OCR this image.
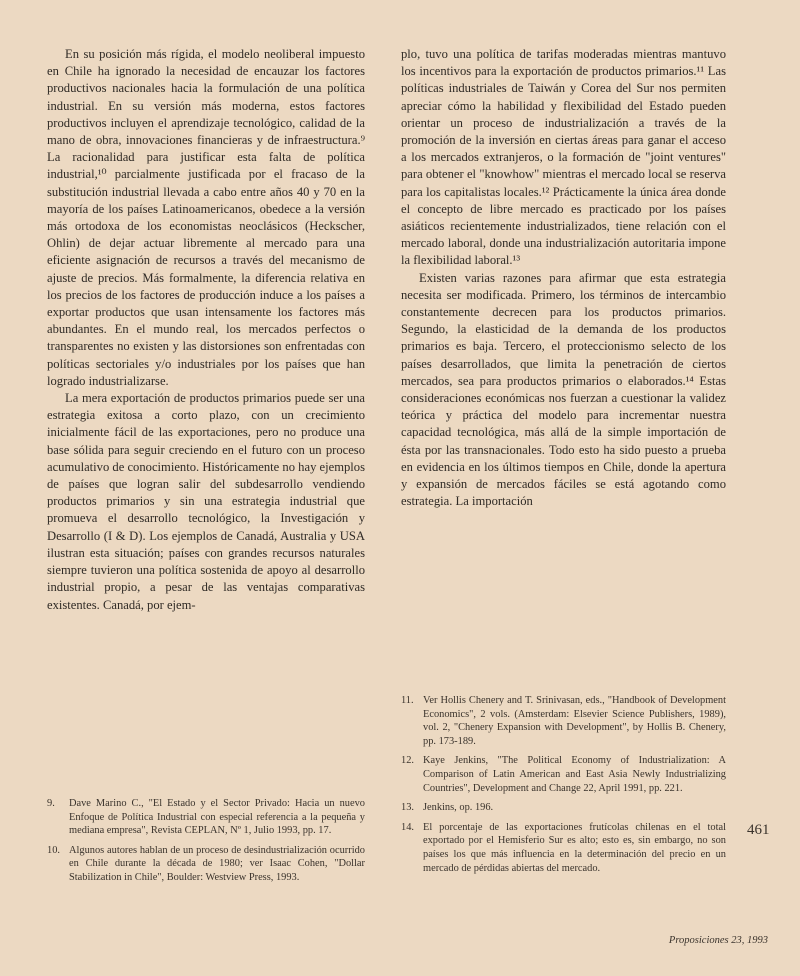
En su posición más rígida, el modelo neoliberal impuesto en Chile ha ignorado la necesidad de encauzar los factores productivos nacionales hacia la formulación de una política industrial. En su versión más moderna, estos factores productivos incluyen el aprendizaje tecnológico, calidad de la mano de obra, innovaciones financieras y de infraestructura.⁹ La racionalidad para justificar esta falta de política industrial,¹⁰ parcialmente justificada por el fracaso de la substitución industrial llevada a cabo entre años 40 y 70 en la mayoría de los países Latinoamericanos, obedece a la versión más ortodoxa de los economistas neoclásicos (Heckscher, Ohlin) de dejar actuar libremente al mercado para una eficiente asignación de recursos a través del mecanismo de ajuste de precios. Más formalmente, la diferencia relativa en los precios de los factores de producción induce a los países a exportar productos que usan intensamente los factores más abundantes. En el mundo real, los mercados perfectos o transparentes no existen y las distorsiones son enfrentadas con políticas sectoriales y/o industriales por los países que han logrado industrializarse.

La mera exportación de productos primarios puede ser una estrategia exitosa a corto plazo, con un crecimiento inicialmente fácil de las exportaciones, pero no produce una base sólida para seguir creciendo en el futuro con un proceso acumulativo de conocimiento. Históricamente no hay ejemplos de países que logran salir del subdesarrollo vendiendo productos primarios y sin una estrategia industrial que promueva el desarrollo tecnológico, la Investigación y Desarrollo (I & D). Los ejemplos de Canadá, Australia y USA ilustran esta situación; países con grandes recursos naturales siempre tuvieron una política sostenida de apoyo al desarrollo industrial propio, a pesar de las ventajas comparativas existentes. Canadá, por ejem-

plo, tuvo una política de tarifas moderadas mientras mantuvo los incentivos para la exportación de productos primarios.¹¹ Las políticas industriales de Taiwán y Corea del Sur nos permiten apreciar cómo la habilidad y flexibilidad del Estado pueden orientar un proceso de industrialización a través de la promoción de la inversión en ciertas áreas para ganar el acceso a los mercados extranjeros, o la formación de "joint ventures" para obtener el "knowhow" mientras el mercado local se reserva para los capitalistas locales.¹² Prácticamente la única área donde el concepto de libre mercado es practicado por los países asiáticos recientemente industrializados, tiene relación con el mercado laboral, donde una industrialización autoritaria impone la flexibilidad laboral.¹³

Existen varias razones para afirmar que esta estrategia necesita ser modificada. Primero, los términos de intercambio constantemente decrecen para los productos primarios. Segundo, la elasticidad de la demanda de los productos primarios es baja. Tercero, el proteccionismo selecto de los países desarrollados, que limita la penetración de ciertos mercados, sea para productos primarios o elaborados.¹⁴ Estas consideraciones económicas nos fuerzan a cuestionar la validez teórica y práctica del modelo para incrementar nuestra capacidad tecnológica, más allá de la simple importación de ésta por las transnacionales. Todo esto ha sido puesto a prueba en evidencia en los últimos tiempos en Chile, donde la apertura y expansión de mercados fáciles se está agotando como estrategia. La importación

9.	Dave Marino C., "El Estado y el Sector Privado: Hacia un nuevo Enfoque de Política Industrial con especial referencia a la pequeña y mediana empresa", Revista CEPLAN, Nº 1, Julio 1993, pp. 17.
10. Algunos autores hablan de un proceso de desindustrialización ocurrido en Chile durante la década de 1980; ver Isaac Cohen, "Dollar Stabilization in Chile", Boulder: Westview Press, 1993.
11. Ver Hollis Chenery and T. Srinivasan, eds., "Handbook of Development Economics", 2 vols. (Amsterdam: Elsevier Science Publishers, 1989), vol. 2, "Chenery Expansion with Development", by Hollis B. Chenery, pp. 173-189.
12. Kaye Jenkins, "The Political Economy of Industrialization: A Comparison of Latin American and East Asia Newly Industrializing Countries", Development and Change 22, April 1991, pp. 221.
13. Jenkins, op. 196.
14. El porcentaje de las exportaciones frutícolas chilenas en el total exportado por el Hemisferio Sur es alto; esto es, sin embargo, no son países los que más influencia en la determinación del precio en un mercado de pérdidas abiertas del mercado.
461
Proposiciones 23, 1993
